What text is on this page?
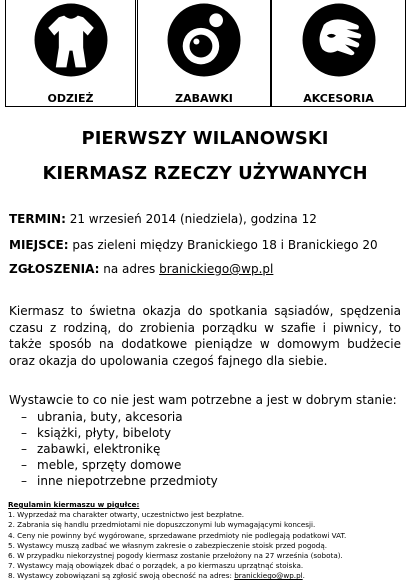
ODZIEŻ	ZABAWKI	AKCESORIA
PIERWSZY WILANOWSKI
KIERMASZ RZECZY UŻYWANYCH
TERMIN: 21 wrzesień 2014 (niedziela), godzina 12
MIEJSCE: pas zieleni między Branickiego 18 i Branickiego 20
ZGŁOSZENIA: na adres branickiego@wp.pl
Kiermasz to świetna okazja do spotkania sąsiadów, spędzenia czasu z rodziną, do zrobienia porządku w szafie i piwnicy, to także sposób na dodatkowe pieniądze w domowym budżecie oraz okazja do upolowania czegoś fajnego dla siebie.
Wystawcie to co nie jest wam potrzebne a jest w dobrym stanie:
– ubrania, buty, akcesoria
– książki, płyty, bibeloty
– zabawki, elektronikę
– meble, sprzęty domowe
– inne niepotrzebne przedmioty
Regulamin kiermaszu w pigułce:
1. Wyprzedaż ma charakter otwarty, uczestnictwo jest bezpłatne.
2. Zabrania się handlu przedmiotami nie dopuszczonymi lub wymagającymi koncesji.
4. Ceny nie powinny być wygórowane, sprzedawane przedmioty nie podlegają podatkowi VAT.
5. Wystawcy muszą zadbać we własnym zakresie o zabezpieczenie stoisk przed pogodą.
6. W przypadku niekorzystnej pogody kiermasz zostanie przełożony na 27 września (sobota).
7. Wystawcy mają obowiązek dbać o porządek, a po kiermaszu uprzątnąć stoiska.
8. Wystawcy zobowiązani są zgłosić swoją obecność na adres: branickiego@wp.pl.
